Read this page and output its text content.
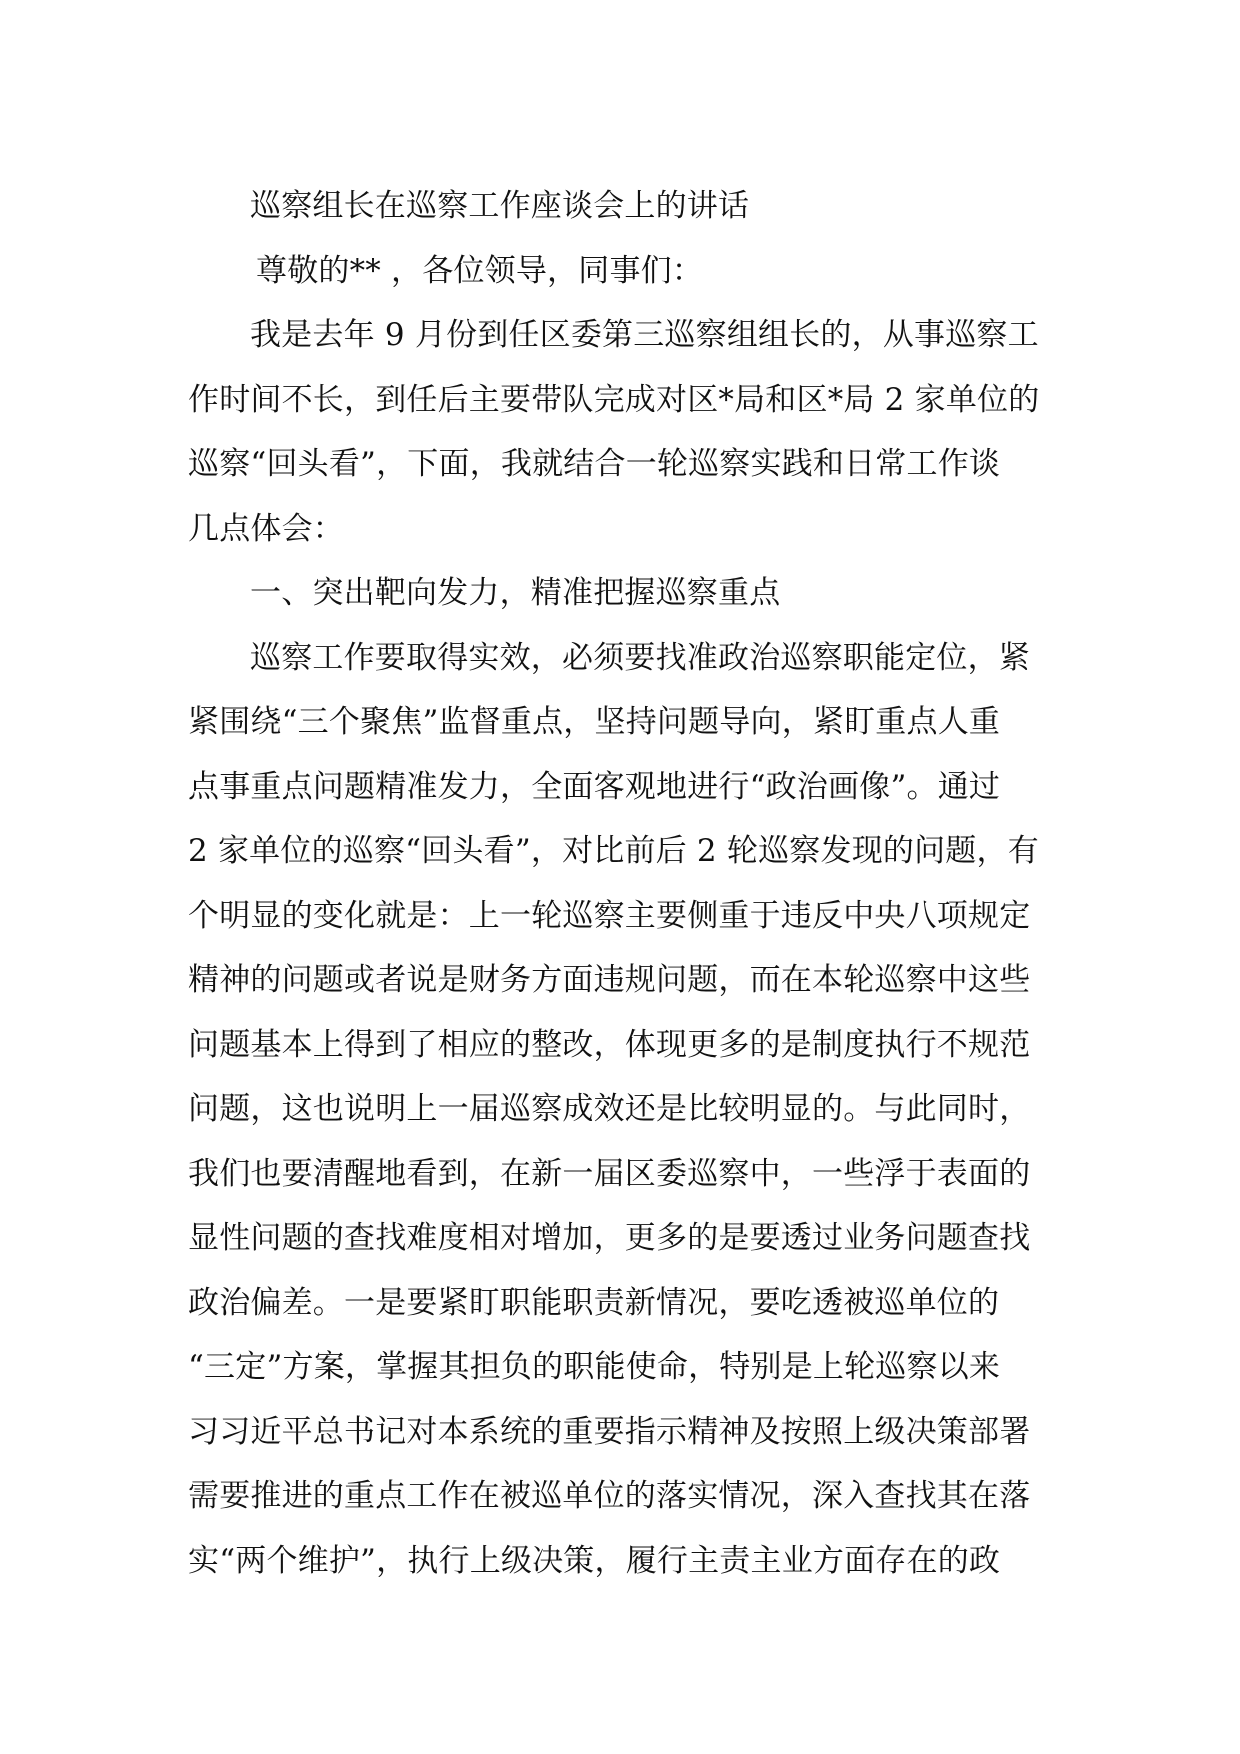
巡察组长在巡察工作座谈会上的讲话
尊敬的** ，各位领导，同事们：
我是去年 9 月份到任区委第三巡察组组长的，从事巡察工
作时间不长，到任后主要带队完成对区*局和区*局 2 家单位的
巡察“回头看”，下面，我就结合一轮巡察实践和日常工作谈
几点体会：
一、突出靶向发力，精准把握巡察重点
巡察工作要取得实效，必须要找准政治巡察职能定位，紧
紧围绕“三个聚焦”监督重点，坚持问题导向，紧盯重点人重
点事重点问题精准发力，全面客观地进行“政治画像”。通过
2 家单位的巡察“回头看”，对比前后 2 轮巡察发现的问题，有
个明显的变化就是：上一轮巡察主要侧重于违反中央八项规定
精神的问题或者说是财务方面违规问题，而在本轮巡察中这些
问题基本上得到了相应的整改，体现更多的是制度执行不规范
问题，这也说明上一届巡察成效还是比较明显的。与此同时，
我们也要清醒地看到，在新一届区委巡察中，一些浮于表面的
显性问题的查找难度相对增加，更多的是要透过业务问题查找
政治偏差。一是要紧盯职能职责新情况，要吃透被巡单位的
“三定”方案，掌握其担负的职能使命，特别是上轮巡察以来
习习近平总书记对本系统的重要指示精神及按照上级决策部署
需要推进的重点工作在被巡单位的落实情况，深入查找其在落
实“两个维护”，执行上级决策，履行主责主业方面存在的政
